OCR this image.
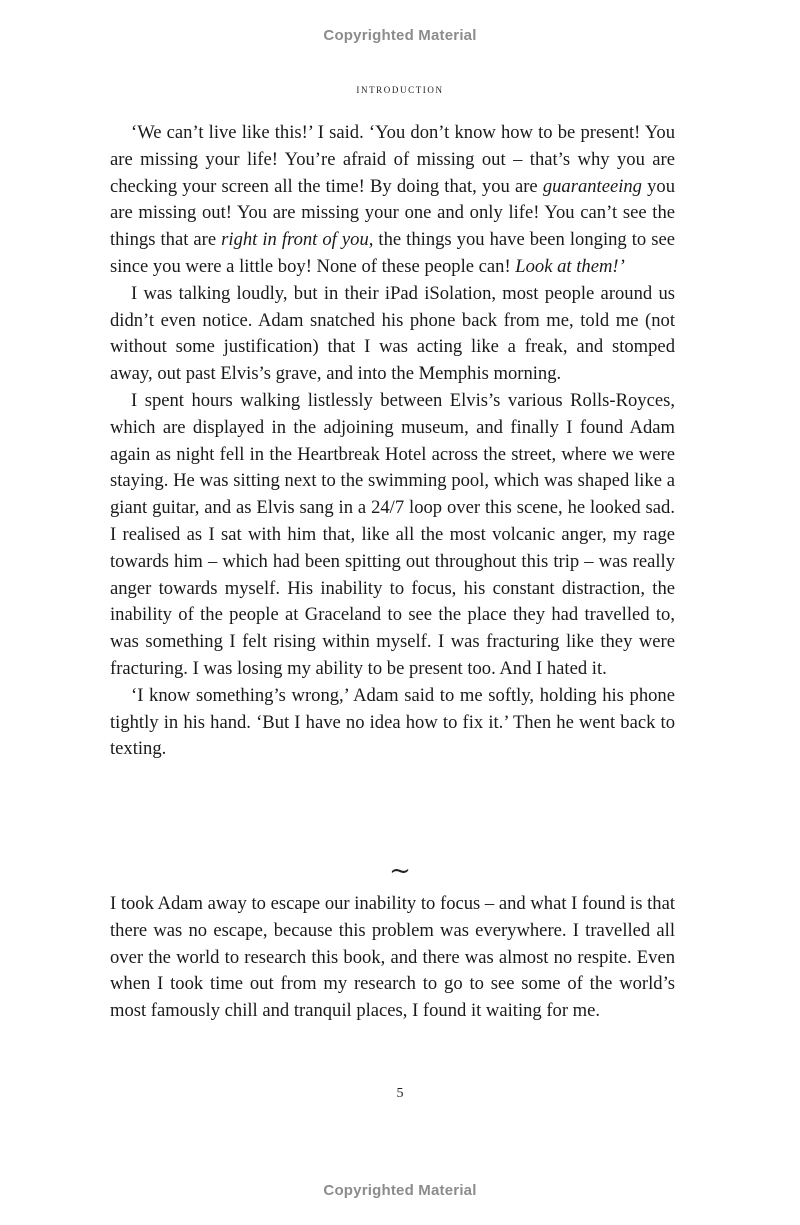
Copyrighted Material
introduction

‘We can’t live like this!’ I said. ‘You don’t know how to be present! You are missing your life! You’re afraid of missing out – that’s why you are checking your screen all the time! By doing that, you are guaranteeing you are missing out! You are missing your one and only life! You can’t see the things that are right in front of you, the things you have been longing to see since you were a little boy! None of these people can! Look at them!’

I was talking loudly, but in their iPad iSolation, most people around us didn’t even notice. Adam snatched his phone back from me, told me (not without some justification) that I was acting like a freak, and stomped away, out past Elvis’s grave, and into the Memphis morning.

I spent hours walking listlessly between Elvis’s various Rolls-Royces, which are displayed in the adjoining museum, and finally I found Adam again as night fell in the Heartbreak Hotel across the street, where we were staying. He was sitting next to the swimming pool, which was shaped like a giant guitar, and as Elvis sang in a 24/7 loop over this scene, he looked sad. I realised as I sat with him that, like all the most volcanic anger, my rage towards him – which had been spitting out throughout this trip – was really anger towards myself. His inability to focus, his constant distraction, the inability of the people at Graceland to see the place they had travelled to, was something I felt rising within myself. I was fracturing like they were fracturing. I was losing my ability to be present too. And I hated it.

‘I know something’s wrong,’ Adam said to me softly, holding his phone tightly in his hand. ‘But I have no idea how to fix it.’ Then he went back to texting.

~

I took Adam away to escape our inability to focus – and what I found is that there was no escape, because this problem was everywhere. I travelled all over the world to research this book, and there was almost no respite. Even when I took time out from my research to go to see some of the world’s most famously chill and tranquil places, I found it waiting for me.

5
Copyrighted Material
